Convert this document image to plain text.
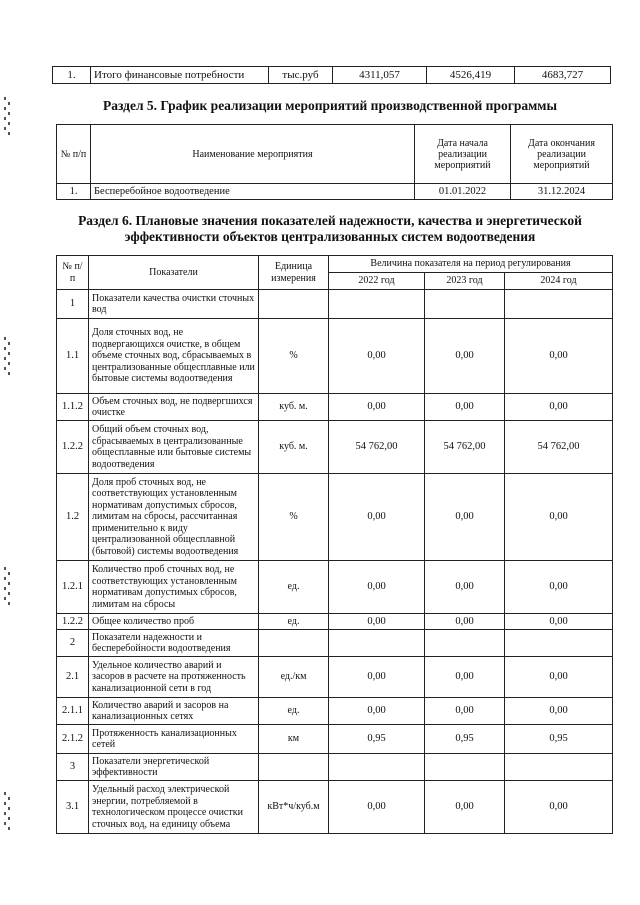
1.	Итого финансовые потребности	тыс.руб	4311,057	4526,419	4683,727
Раздел 5. График реализации мероприятий производственной программы
№ п/п	Наименование мероприятия	Дата начала реализации мероприятий	Дата окончания реализации мероприятий
1.	Бесперебойное водоотведение	01.01.2022	31.12.2024
Раздел 6. Плановые значения показателей надежности, качества и энергетической эффективности объектов централизованных систем водоотведения
№ п/п	Показатели	Единица измерения	Величина показателя на период регулирования		
			2022 год	2023 год	2024 год
1	Показатели качества очистки сточных вод				
1.1	Доля сточных вод, не подвергающихся очистке, в общем объеме сточных вод, сбрасываемых в централизованные общесплавные или бытовые системы водоотведения	%	0,00	0,00	0,00
1.1.2	Объем сточных вод, не подвергшихся очистке	куб. м.	0,00	0,00	0,00
1.2.2	Общий объем сточных вод, сбрасываемых в централизованные общесплавные или бытовые системы водоотведения	куб. м.	54 762,00	54 762,00	54 762,00
1.2	Доля проб сточных вод, не соответствующих установленным нормативам допустимых сбросов, лимитам на сбросы, рассчитанная применительно к виду централизованной общесплавной (бытовой) системы водоотведения	%	0,00	0,00	0,00
1.2.1	Количество проб сточных вод, не соответствующих установленным нормативам допустимых сбросов, лимитам на сбросы	ед.	0,00	0,00	0,00
1.2.2	Общее количество проб	ед.	0,00	0,00	0,00
2	Показатели надежности и бесперебойности водоотведения				
2.1	Удельное количество аварий и засоров в расчете на протяженность канализационной сети в год	ед./км	0,00	0,00	0,00
2.1.1	Количество аварий и засоров на канализационных сетях	ед.	0,00	0,00	0,00
2.1.2	Протяженность канализационных сетей	км	0,95	0,95	0,95
3	Показатели энергетической эффективности				
3.1	Удельный расход электрической энергии, потребляемой в технологическом процессе очистки сточных вод, на единицу объема	кВт*ч/куб.м	0,00	0,00	0,00
